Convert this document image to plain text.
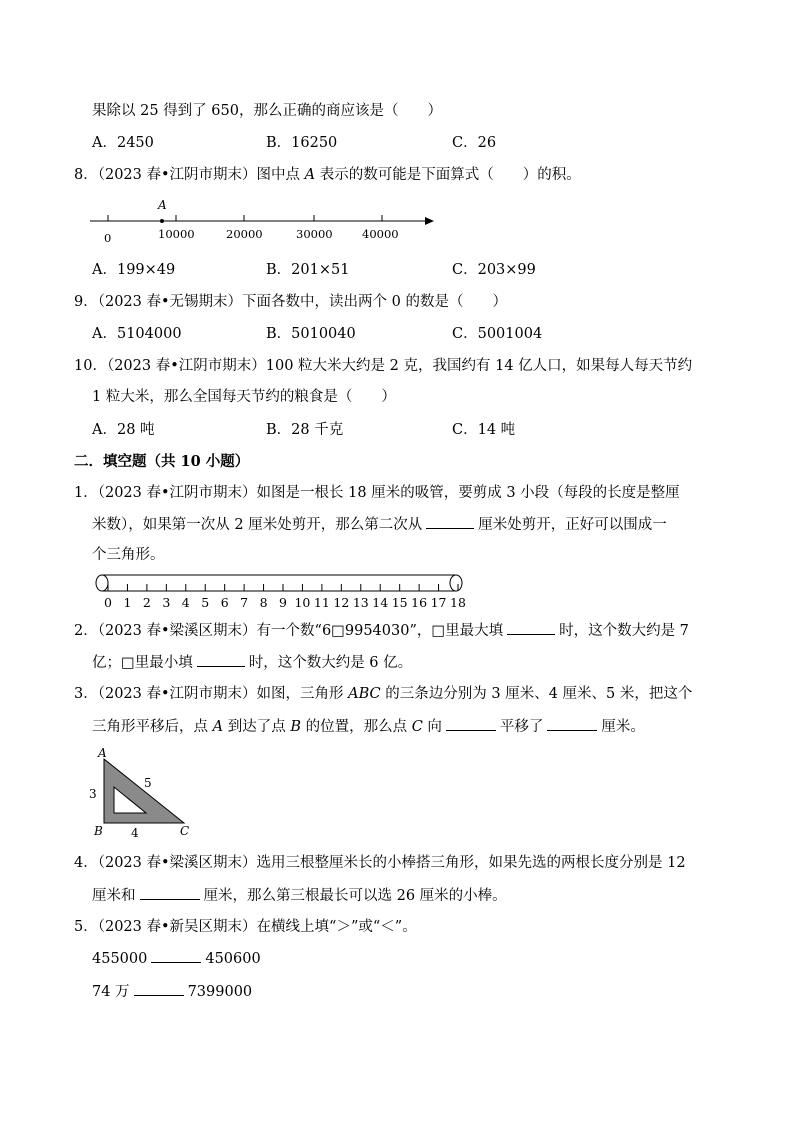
果除以 25 得到了 650，那么正确的商应该是（　　）
A．2450	B．16250	C．26
8．（2023 春•江阴市期末）图中点 A 表示的数可能是下面算式（　　）的积。
A
0	10000	20000	30000	40000
A．199×49	B．201×51	C．203×99
9．（2023 春•无锡期末）下面各数中，读出两个 0 的数是（　　）
A．5104000	B．5010040	C．5001004
10．（2023 春•江阴市期末）100 粒大米大约是 2 克，我国约有 14 亿人口，如果每人每天节约
1 粒大米，那么全国每天节约的粮食是（　　）
A．28 吨	B．28 千克	C．14 吨
二．填空题（共 10 小题）
1．（2023 春•江阴市期末）如图是一根长 18 厘米的吸管，要剪成 3 小段（每段的长度是整厘
米数），如果第一次从 2 厘米处剪开，那么第二次从	厘米处剪开，正好可以围成一
个三角形。
0 1 2 3 4 5 6 7 8 9 10 11 12 13 14 15 16 17 18
2．（2023 春•梁溪区期末）有一个数“6□9954030”，□里最大填	时，这个数大约是 7
亿；□里最小填	时，这个数大约是 6 亿。
3．（2023 春•江阴市期末）如图，三角形 ABC 的三条边分别为 3 厘米、4 厘米、5 米，把这个
三角形平移后，点 A 到达了点 B 的位置，那么点 C 向	平移了	厘米。
A
B	C
3
4
5
4．（2023 春•梁溪区期末）选用三根整厘米长的小棒搭三角形，如果先选的两根长度分别是 12
厘米和	厘米，那么第三根最长可以选 26 厘米的小棒。
5．（2023 春•新吴区期末）在横线上填“＞”或“＜”。
455000	450600
74 万	7399000
